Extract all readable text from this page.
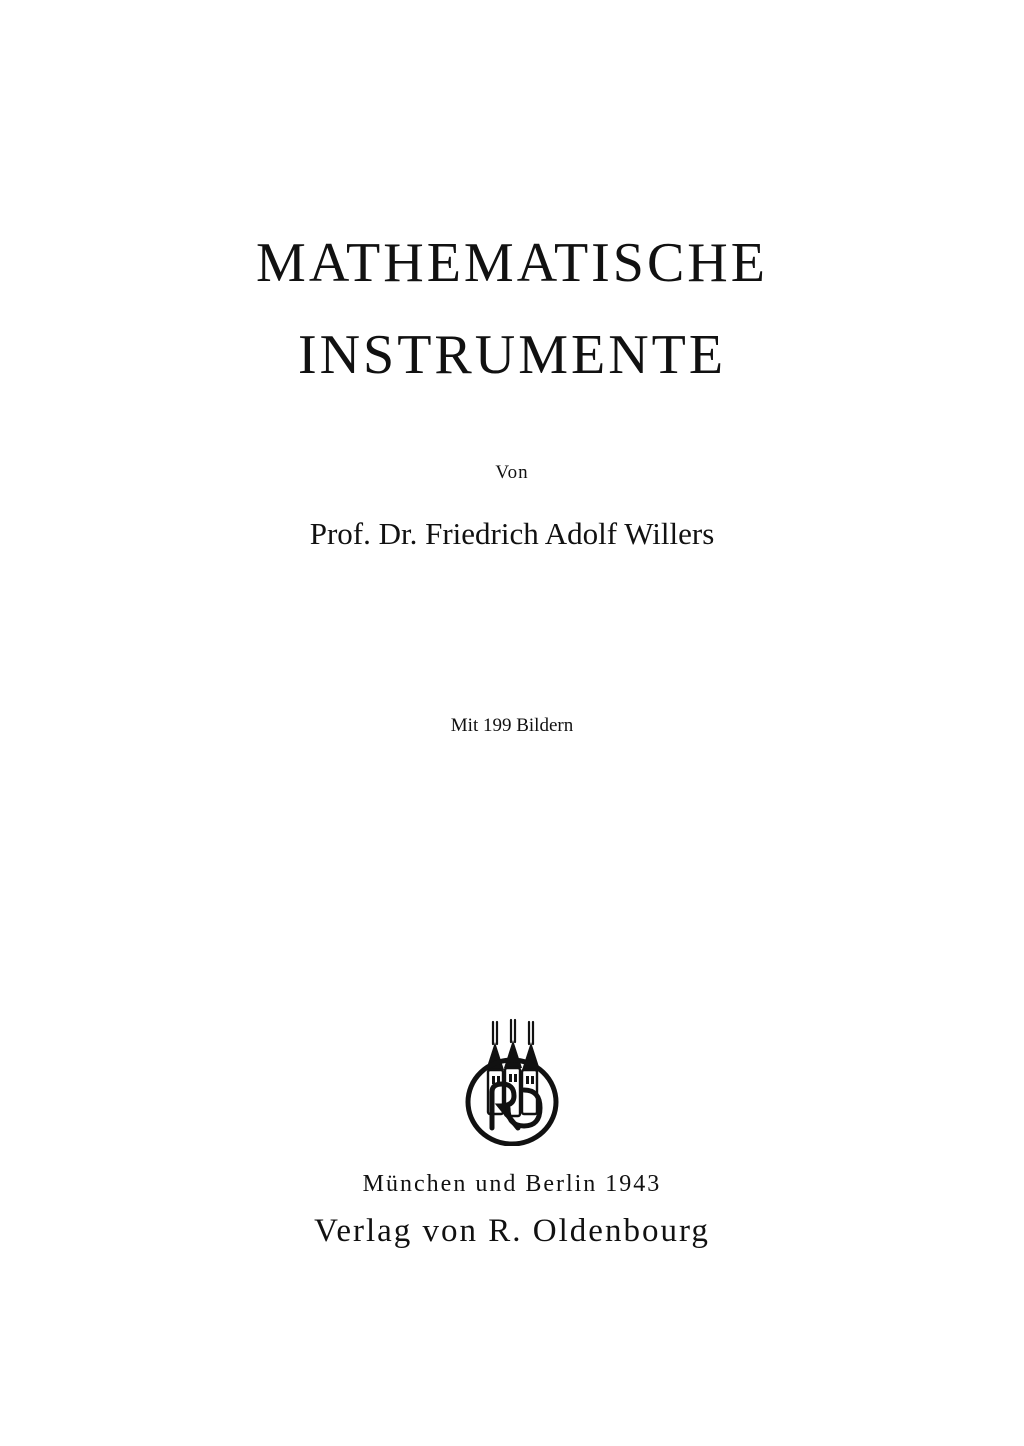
MATHEMATISCHE
INSTRUMENTE

Von

Prof. Dr. Friedrich Adolf Willers

Mit 199 Bildern

München und Berlin 1943

Verlag von R. Oldenbourg
